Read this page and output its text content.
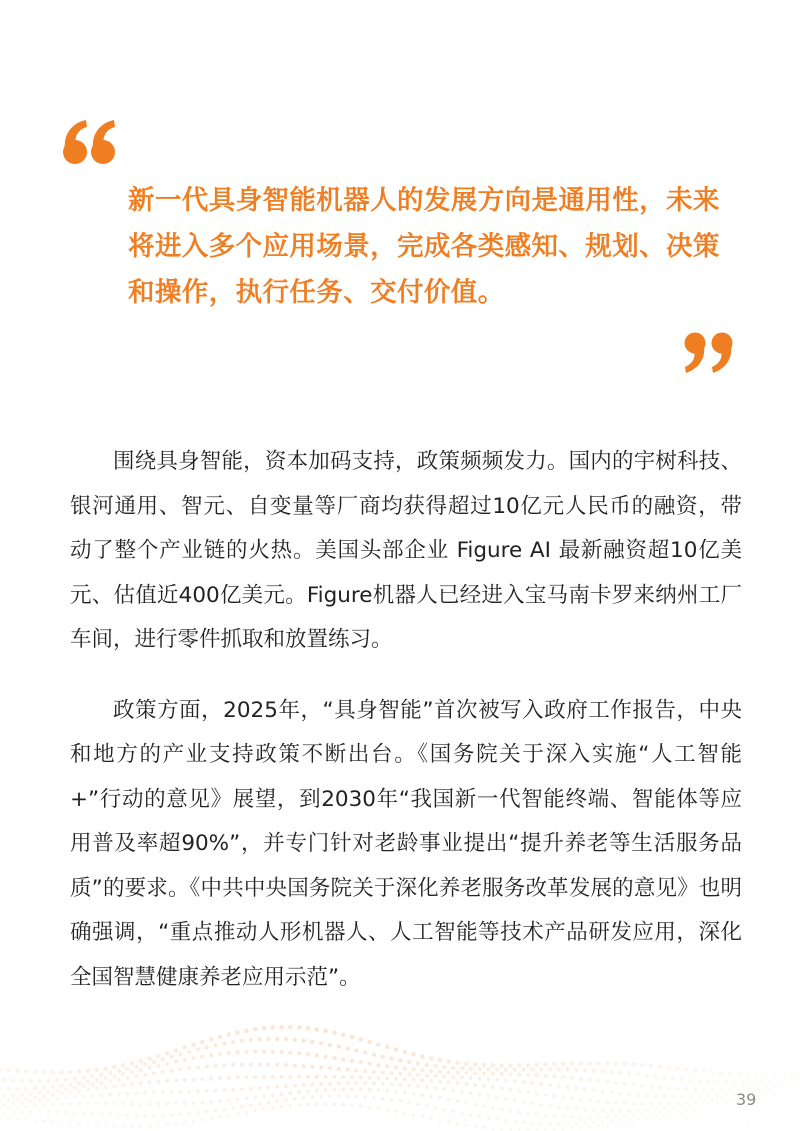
新一代具身智能机器人的发展方向是通用性，未来将进入多个应用场景，完成各类感知、规划、决策和操作，执行任务、交付价值。

围绕具身智能，资本加码支持，政策频频发力。国内的宇树科技、银河通用、智元、自变量等厂商均获得超过10亿元人民币的融资，带动了整个产业链的火热。美国头部企业 Figure AI 最新融资超10亿美元、估值近400亿美元。Figure机器人已经进入宝马南卡罗来纳州工厂车间，进行零件抓取和放置练习。

政策方面，2025年，“具身智能”首次被写入政府工作报告，中央和地方的产业支持政策不断出台。《国务院关于深入实施“人工智能+”行动的意见》展望，到2030年“我国新一代智能终端、智能体等应用普及率超90%”，并专门针对老龄事业提出“提升养老等生活服务品质”的要求。《中共中央国务院关于深化养老服务改革发展的意见》也明确强调，“重点推动人形机器人、人工智能等技术产品研发应用，深化全国智慧健康养老应用示范”。

39
